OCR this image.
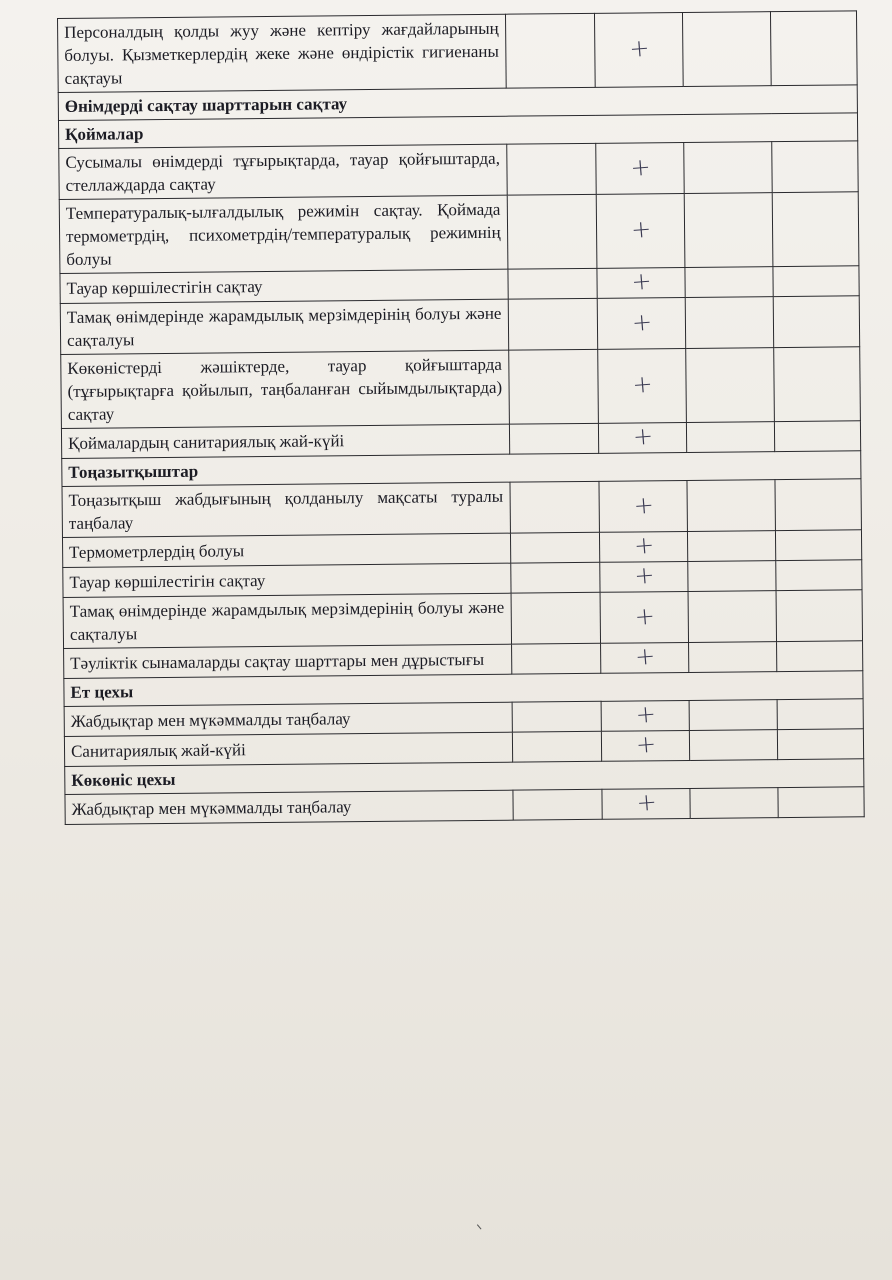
Персоналдың қолды жуу және кептіру жағдайларының болуы. Қызметкерлердің жеке және өндірістік гигиенаны сақтауы		+		
Өнімдерді сақтау шарттарын сақтау				
Қоймалар				
Сусымалы өнімдерді тұғырықтарда, тауар қойғыштарда, стеллаждарда сақтау		+		
Температуралық-ылғалдылық режимін сақтау. Қоймада термометрдің, психометрдің/температуралық режимнің болуы		+		
Тауар көршілестігін сақтау		+		
Тамақ өнімдерінде жарамдылық мерзімдерінің болуы және сақталуы		+		
Көкөністерді жәшіктерде, тауар қойғыштарда (тұғырықтарға қойылып, таңбаланған сыйымдылықтарда) сақтау		+		
Қоймалардың санитариялық жай-күйі		+		
Тоңазытқыштар				
Тоңазытқыш жабдығының қолданылу мақсаты туралы таңбалау		+		
Термометрлердің болуы		+		
Тауар көршілестігін сақтау		+		
Тамақ өнімдерінде жарамдылық мерзімдерінің болуы және сақталуы		+		
Тәуліктік сынамаларды сақтау шарттары мен дұрыстығы		+		
Ет цехы				
Жабдықтар мен мүкәммалды таңбалау		+		
Санитариялық жай-күйі		+		
Көкөніс цехы				
Жабдықтар мен мүкәммалды таңбалау		+		
